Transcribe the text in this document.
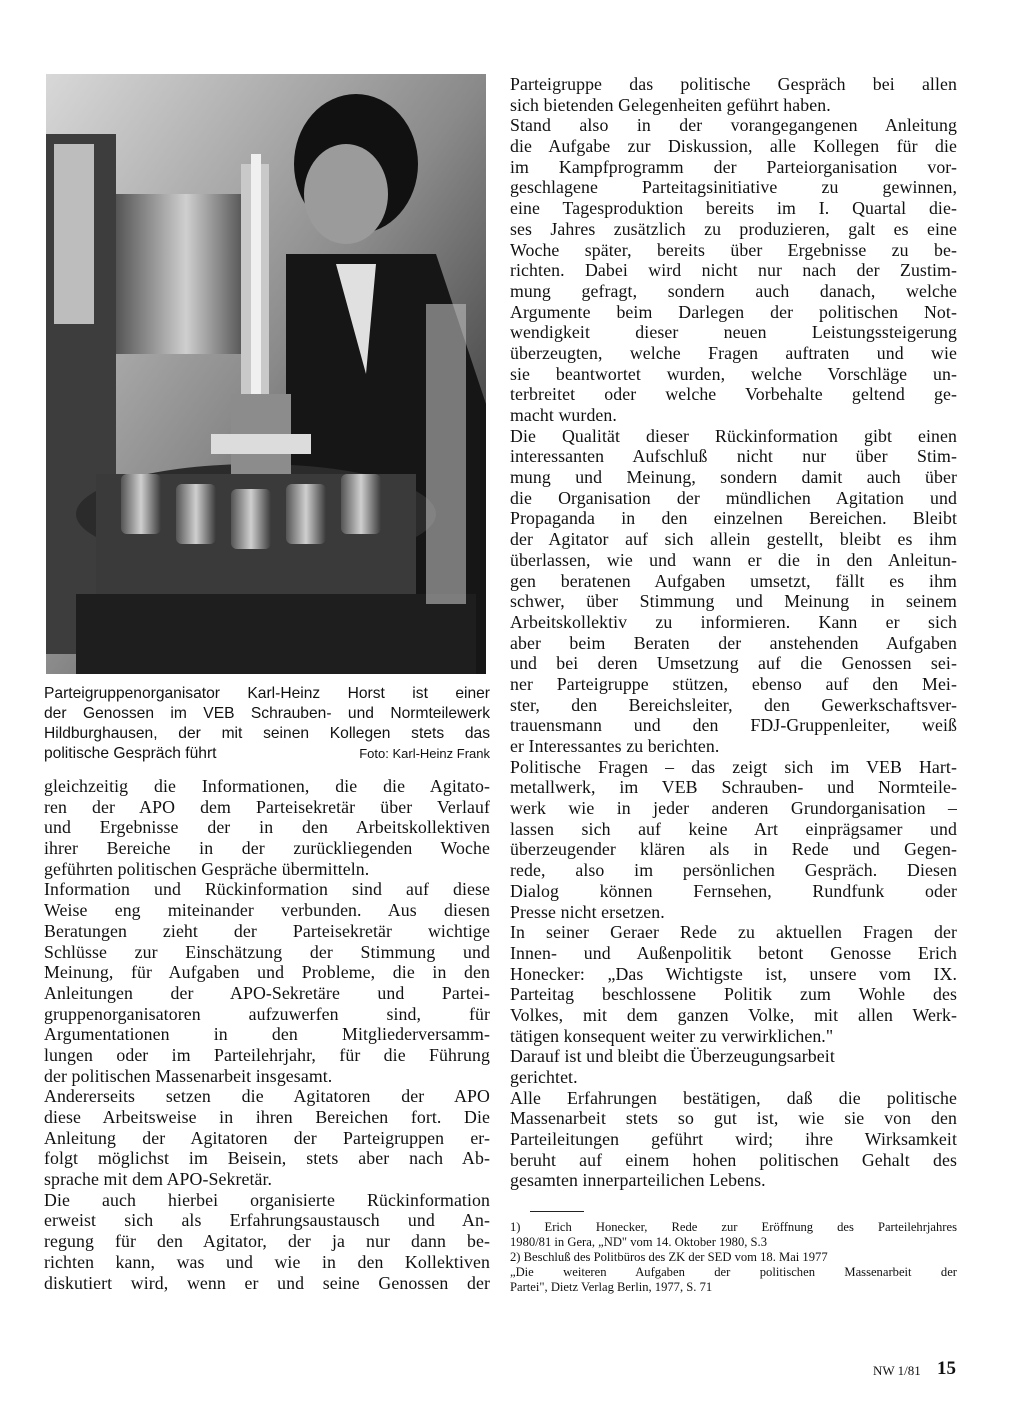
Parteigruppenorganisator Karl-Heinz Horst ist einer
der Genossen im VEB Schrauben- und Normteilewerk
Hildburghausen, der mit seinen Kollegen stets das
politische Gespräch führt	Foto: Karl-Heinz Frank
gleichzeitig die Informationen, die die Agitato-
ren der APO dem Parteisekretär über Verlauf
und Ergebnisse der in den Arbeitskollektiven
ihrer Bereiche in der zurückliegenden Woche
geführten politischen Gespräche übermitteln.
Information und Rückinformation sind auf diese
Weise eng miteinander verbunden. Aus diesen
Beratungen zieht der Parteisekretär wichtige
Schlüsse zur Einschätzung der Stimmung und
Meinung, für Aufgaben und Probleme, die in den
Anleitungen der APO-Sekretäre und Partei-
gruppenorganisatoren aufzuwerfen sind, für
Argumentationen in den Mitgliederversamm-
lungen oder im Parteilehrjahr, für die Führung
der politischen Massenarbeit insgesamt.
Andererseits setzen die Agitatoren der APO
diese Arbeitsweise in ihren Bereichen fort. Die
Anleitung der Agitatoren der Parteigruppen er-
folgt möglichst im Beisein, stets aber nach Ab-
sprache mit dem APO-Sekretär.
Die auch hierbei organisierte Rückinformation
erweist sich als Erfahrungsaustausch und An-
regung für den Agitator, der ja nur dann be-
richten kann, was und wie in den Kollektiven
diskutiert wird, wenn er und seine Genossen der
Parteigruppe das politische Gespräch bei allen
sich bietenden Gelegenheiten geführt haben.
Stand also in der vorangegangenen Anleitung
die Aufgabe zur Diskussion, alle Kollegen für die
im Kampfprogramm der Parteiorganisation vor-
geschlagene Parteitagsinitiative zu gewinnen,
eine Tagesproduktion bereits im I. Quartal die-
ses Jahres zusätzlich zu produzieren, galt es eine
Woche später, bereits über Ergebnisse zu be-
richten. Dabei wird nicht nur nach der Zustim-
mung gefragt, sondern auch danach, welche
Argumente beim Darlegen der politischen Not-
wendigkeit dieser neuen Leistungssteigerung
überzeugten, welche Fragen auftraten und wie
sie beantwortet wurden, welche Vorschläge un-
terbreitet oder welche Vorbehalte geltend ge-
macht wurden.
Die Qualität dieser Rückinformation gibt einen
interessanten Aufschluß nicht nur über Stim-
mung und Meinung, sondern damit auch über
die Organisation der mündlichen Agitation und
Propaganda in den einzelnen Bereichen. Bleibt
der Agitator auf sich allein gestellt, bleibt es ihm
überlassen, wie und wann er die in den Anleitun-
gen beratenen Aufgaben umsetzt, fällt es ihm
schwer, über Stimmung und Meinung in seinem
Arbeitskollektiv zu informieren. Kann er sich
aber beim Beraten der anstehenden Aufgaben
und bei deren Umsetzung auf die Genossen sei-
ner Parteigruppe stützen, ebenso auf den Mei-
ster, den Bereichsleiter, den Gewerkschaftsver-
trauensmann und den FDJ-Gruppenleiter, weiß
er Interessantes zu berichten.
Politische Fragen – das zeigt sich im VEB Hart-
metallwerk, im VEB Schrauben- und Normteile-
werk wie in jeder anderen Grundorganisation –
lassen sich auf keine Art einprägsamer und
überzeugender klären als in Rede und Gegen-
rede, also im persönlichen Gespräch. Diesen
Dialog können Fernsehen, Rundfunk oder
Presse nicht ersetzen.
In seiner Geraer Rede zu aktuellen Fragen der
Innen- und Außenpolitik betont Genosse Erich
Honecker: „Das Wichtigste ist, unsere vom IX.
Parteitag beschlossene Politik zum Wohle des
Volkes, mit dem ganzen Volke, mit allen Werk-
tätigen konsequent weiter zu verwirklichen."
Darauf ist und bleibt die Überzeugungsarbeit
gerichtet.
Alle Erfahrungen bestätigen, daß die politische
Massenarbeit stets so gut ist, wie sie von den
Parteileitungen geführt wird; ihre Wirksamkeit
beruht auf einem hohen politischen Gehalt des
gesamten innerparteilichen Lebens.
1) Erich Honecker, Rede zur Eröffnung des Parteilehrjahres
1980/81 in Gera, „ND" vom 14. Oktober 1980, S.3
2) Beschluß des Politbüros des ZK der SED vom 18. Mai 1977
„Die weiteren Aufgaben der politischen Massenarbeit der
Partei", Dietz Verlag Berlin, 1977, S. 71
NW 1/81 15
